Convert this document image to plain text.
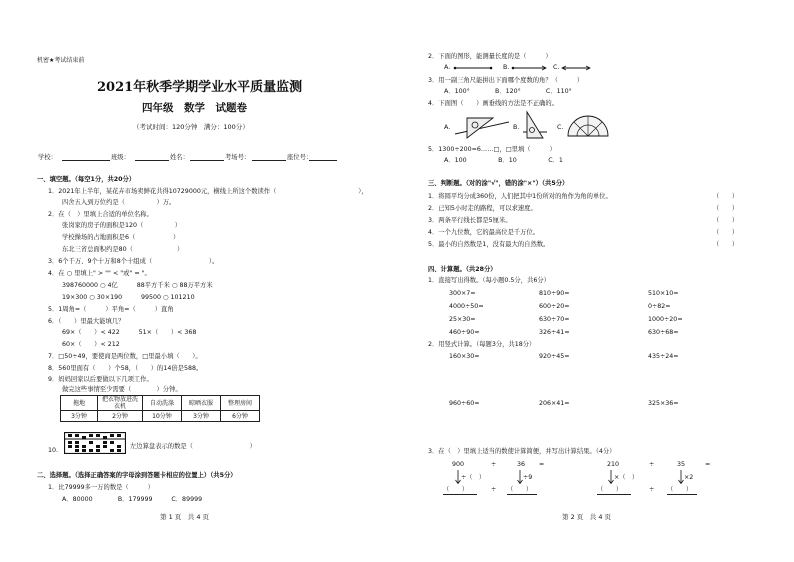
机密★考试结束前
2021年秋季学期学业水平质量监测
四年级　数学　试题卷
（考试时间：120分钟　满分：100分）
学校：	班级：	姓名：	考场号：	座位号：
一、填空题。（每空1分，共20分）
1．2021年上半年，某花卉市场卖鲜花共得10729000元，横线上所这个数读作（　　　　　　　　　　　　　），
四舍五入到万位约是（　　　　　）万。
2．在（　）里填上合适的单位名称。
张岗家的房子的面积是120（　　　　　）
学校操场的占地面积是6（　　　　　　）
东北三省总面积约是80（　　　　　　　）
3．6个千万、9个十万和8个十组成（　　　　　　　　　）。
4．在 ○ 里填上" > "" < "或" = "。
398760000 ○ 4亿　　　88平方千米 ○ 88万平方米
19×300 ○ 30×190　　　99500 ○ 101210
5．1周角=（　　　）平角=（　　　）直角
6．（　　）里最大能填几？
69×（　　）< 422　　　51×（　　）< 368
60×（　　）< 212
7．□50÷49，要使商是两位数，□里最小填（　　）。
8．560里面有（　　）个58，（　　）的14倍是588。
9．妈妈回家以后要做以下几项工作。
做完这些事情至少需要（　　　　）分钟。
拖地	把衣物放进洗衣机	自动洗涤	晾晒衣服	整理房间
3分钟	2分钟	10分钟	3分钟	6分钟
10.
左边算盘表示的数是（　　　　　　　　　）
二、选择题。（选择正确答案的字母涂到答题卡相应的位置上）（共5分）
1．比79999多一万的数是（　　　）
A．80000　　　　B．179999　　　C．89999
第 1 页　共 4 页
2．下面的图形，能测量长度的是（　　　）
A.	B.	C.
3．用一副三角尺能拼出下面哪个度数的角？（　　　）
A．100°　　　　B．120°　　　　C．110°
4．下面图（　　）画垂线的方法是不正确的。
A.	B.	C.
5．1300÷200=6……□，□里填（　　　）
A．100　　　　　B．10　　　　　C．1
三、判断题。（对的涂"√"，错的涂"×"）（共5分）
1．将圆平均分成360份，人们把其中1份所对的角作为角的单位。
2．已知5小时走的路程，可以求速度。
3．两条平行线长都是5厘米。
4．一个九位数，它的最高位是千万位。
5．最小的自然数是1，没有最大的自然数。
（　　）
（　　）
（　　）
（　　）
（　　）
四、计算题。（共28分）
1．直接写出得数。（每小题0.5分，共6分）
300×7=	810÷90=	510×10=
4000÷50=	600÷20=	0÷82=
25×30=	630÷70=	1000÷20=
460÷90≈	326÷41≈	630÷68≈
2．用竖式计算。（每题3分，共18分）
160×30=	920÷45=	435÷24=
960÷60=	206×41=	325×36=
3．在（　）里填上适当的数使计算简便，并写出计算结果。（4分）
900	÷	36 =
÷（　）	÷9
（　　）	÷ （　　）
210	÷	35	=
×（　）	×2
（　　）	÷ （　　）
第 2 页　共 4 页
